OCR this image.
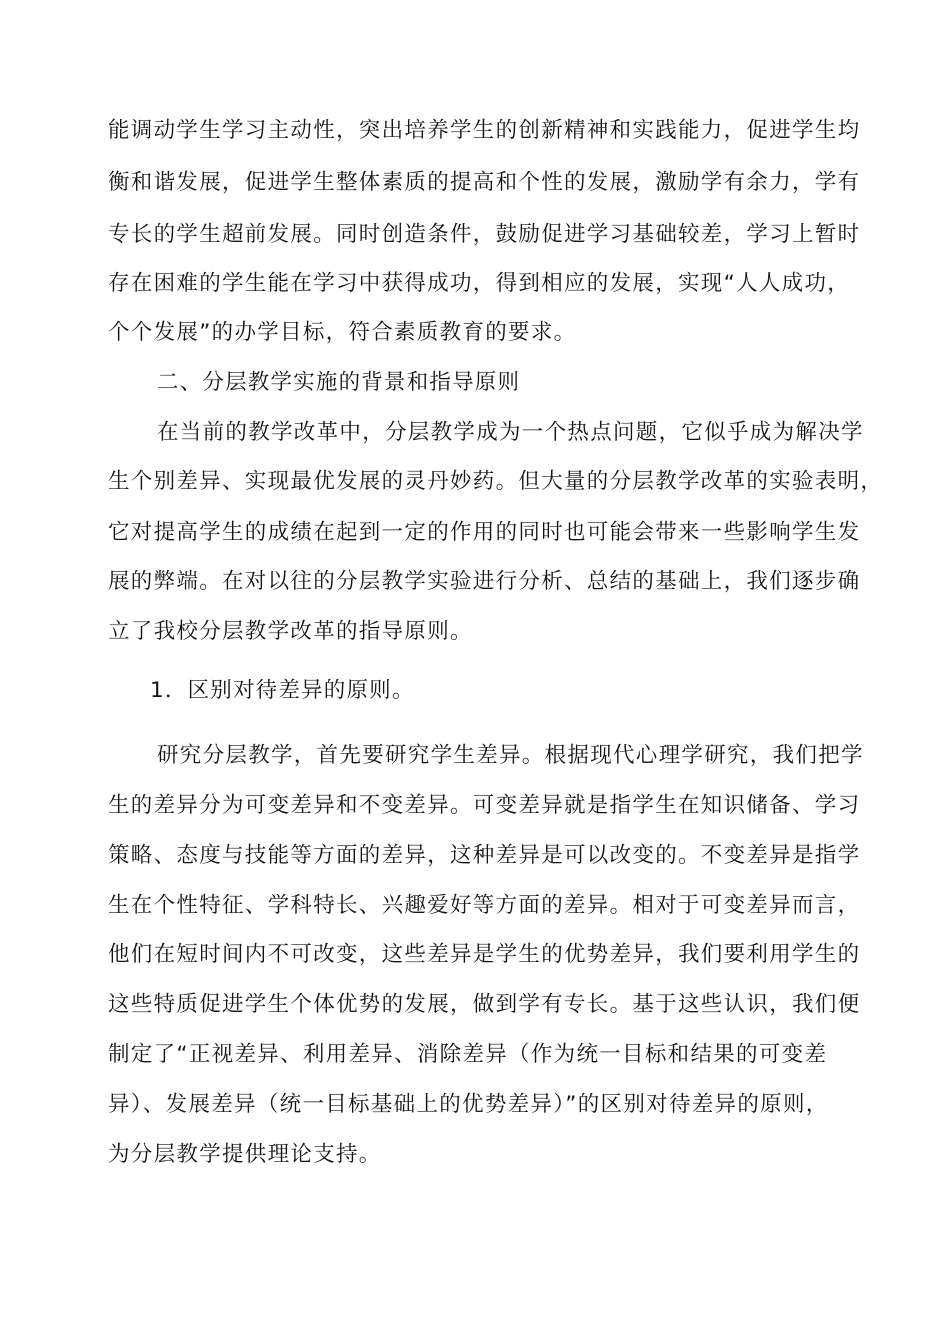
能调动学生学习主动性，突出培养学生的创新精神和实践能力，促进学生均
衡和谐发展，促进学生整体素质的提高和个性的发展，激励学有余力，学有
专长的学生超前发展。同时创造条件，鼓励促进学习基础较差，学习上暂时
存在困难的学生能在学习中获得成功，得到相应的发展，实现“人人成功，
个个发展”的办学目标，符合素质教育的要求。
二、分层教学实施的背景和指导原则
在当前的教学改革中，分层教学成为一个热点问题，它似乎成为解决学
生个别差异、实现最优发展的灵丹妙药。但大量的分层教学改革的实验表明，
它对提高学生的成绩在起到一定的作用的同时也可能会带来一些影响学生发
展的弊端。在对以往的分层教学实验进行分析、总结的基础上，我们逐步确
立了我校分层教学改革的指导原则。
1．区别对待差异的原则。
研究分层教学，首先要研究学生差异。根据现代心理学研究，我们把学
生的差异分为可变差异和不变差异。可变差异就是指学生在知识储备、学习
策略、态度与技能等方面的差异，这种差异是可以改变的。不变差异是指学
生在个性特征、学科特长、兴趣爱好等方面的差异。相对于可变差异而言，
他们在短时间内不可改变，这些差异是学生的优势差异，我们要利用学生的
这些特质促进学生个体优势的发展，做到学有专长。基于这些认识，我们便
制定了“正视差异、利用差异、消除差异（作为统一目标和结果的可变差
异）、发展差异（统一目标基础上的优势差异）”的区别对待差异的原则，
为分层教学提供理论支持。
